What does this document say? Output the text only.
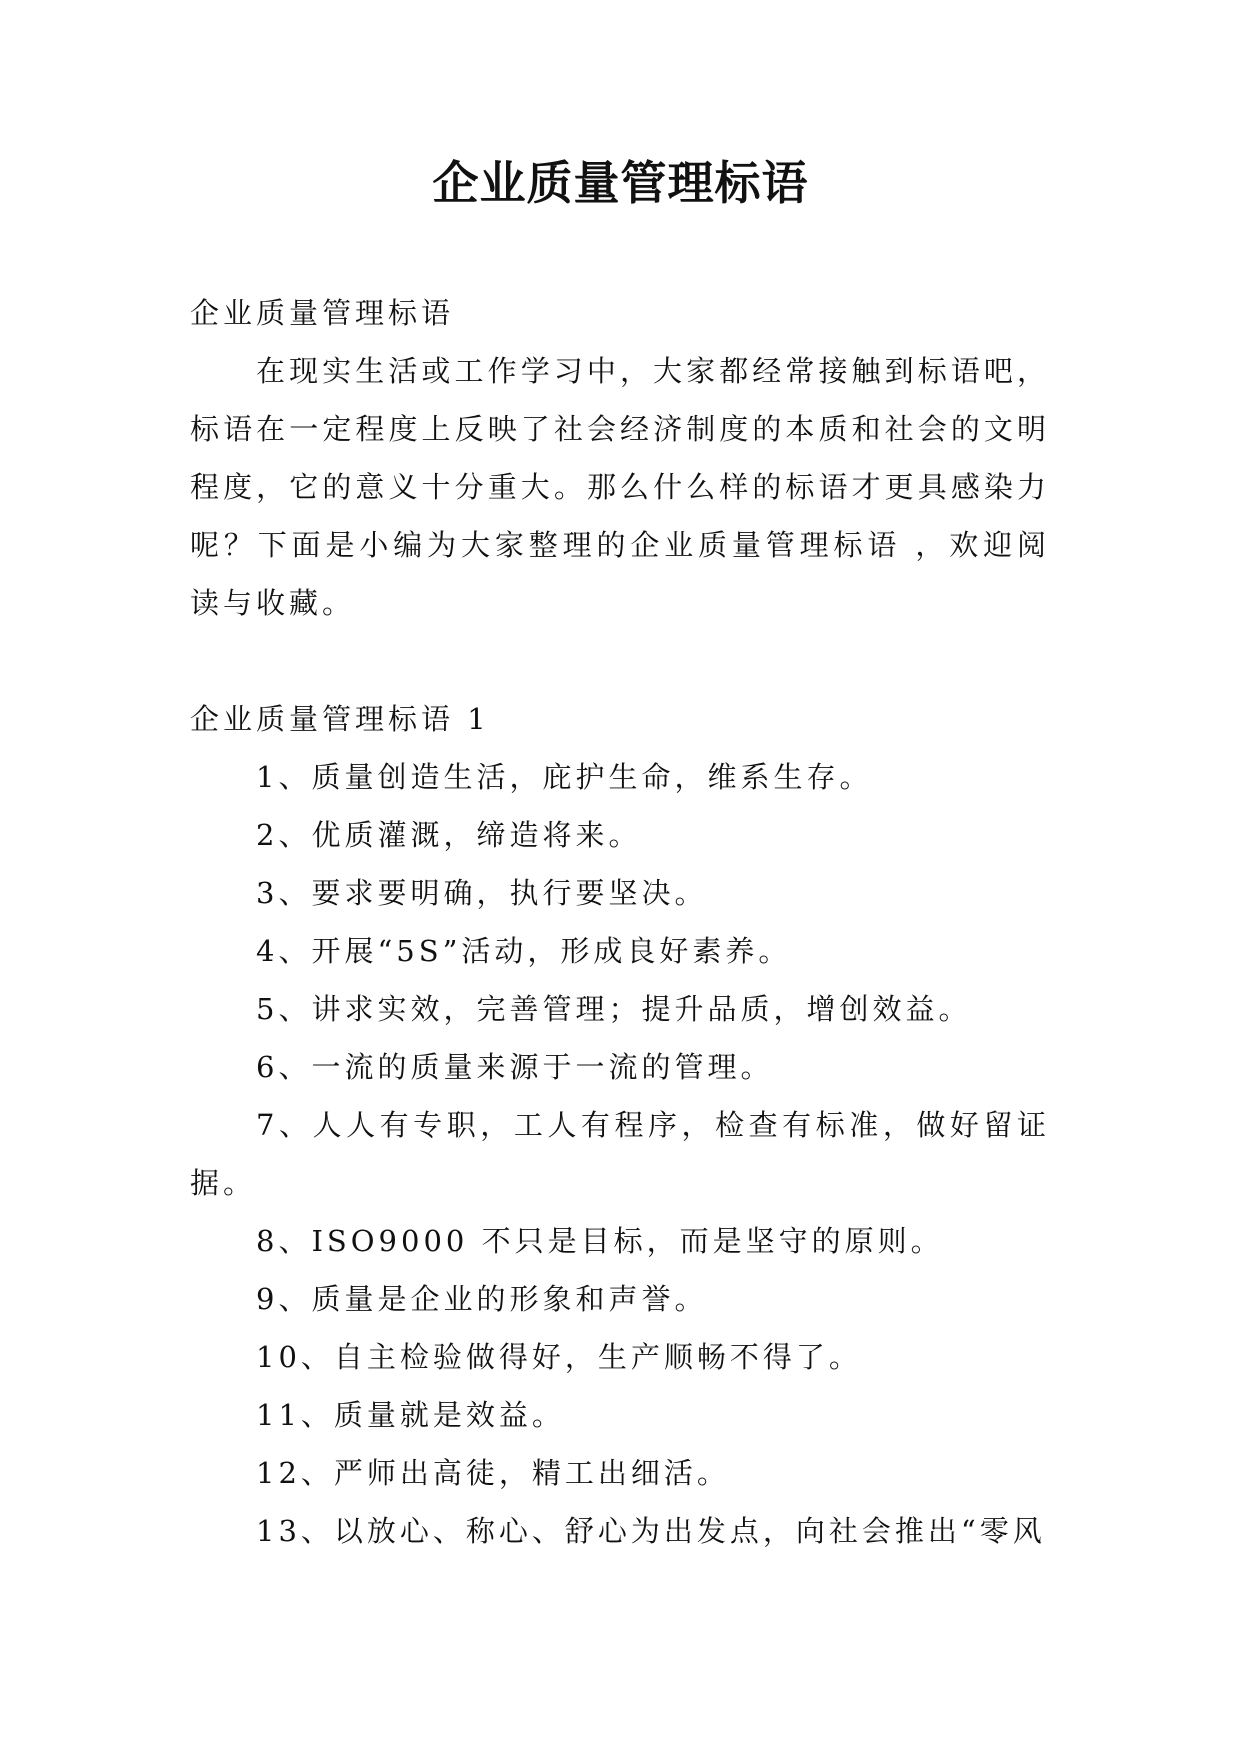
企业质量管理标语

企业质量管理标语

在现实生活或工作学习中，大家都经常接触到标语吧，标语在一定程度上反映了社会经济制度的本质和社会的文明程度，它的意义十分重大。那么什么样的标语才更具感染力呢？下面是小编为大家整理的企业质量管理标语 ，欢迎阅读与收藏。

企业质量管理标语 1

1、质量创造生活，庇护生命，维系生存。

2、优质灌溉，缔造将来。

3、要求要明确，执行要坚决。

4、开展“5S”活动，形成良好素养。

5、讲求实效，完善管理；提升品质，增创效益。

6、一流的质量来源于一流的管理。

7、人人有专职，工人有程序，检查有标准，做好留证据。

8、ISO9000 不只是目标，而是坚守的原则。

9、质量是企业的形象和声誉。

10、自主检验做得好，生产顺畅不得了。

11、质量就是效益。

12、严师出高徒，精工出细活。

13、以放心、称心、舒心为出发点，向社会推出“零风
